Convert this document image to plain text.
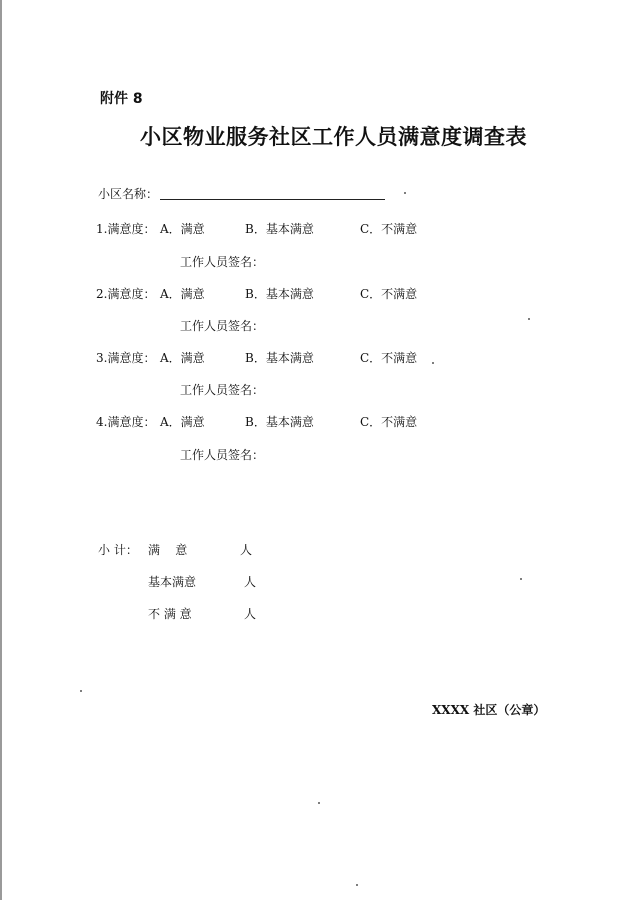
附件 8
小区物业服务社区工作人员满意度调查表
小区名称：
1.满意度： A．满意	B．基本满意	C．不满意
工作人员签名：
2.满意度： A．满意	B．基本满意	C．不满意
工作人员签名：
3.满意度： A．满意	B．基本满意	C．不满意
工作人员签名：
4.满意度： A．满意	B．基本满意	C．不满意
工作人员签名：
小 计： 满    意	人
基本满意	人
不 满 意	人
XXXX 社区（公章）
